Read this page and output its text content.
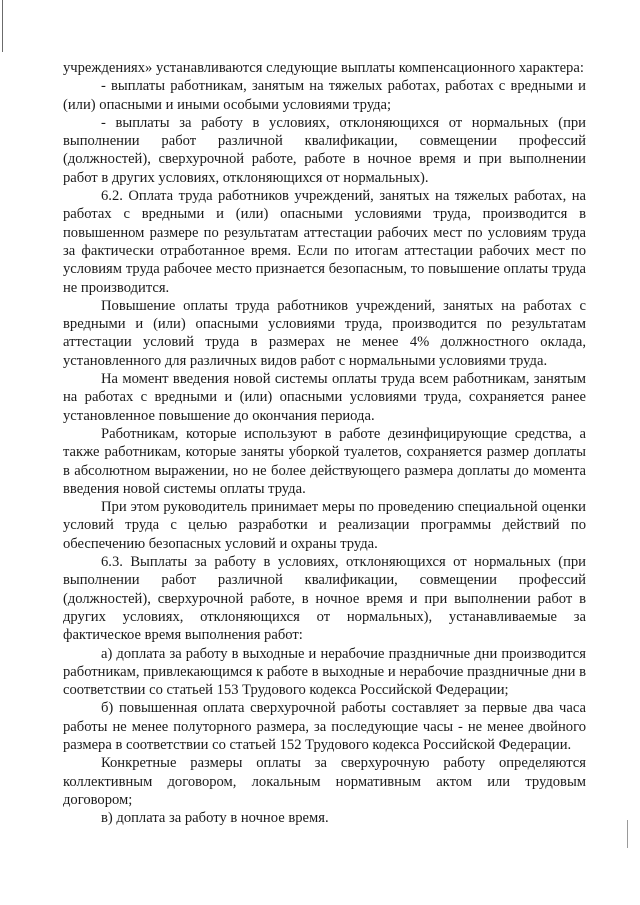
учреждениях» устанавливаются следующие выплаты компенсационного характера:

- выплаты работникам, занятым на тяжелых работах, работах с вредными и (или) опасными и иными особыми условиями труда;

- выплаты за работу в условиях, отклоняющихся от нормальных (при выполнении работ различной квалификации, совмещении профессий (должностей), сверхурочной работе, работе в ночное время и при выполнении работ в других условиях, отклоняющихся от нормальных).

6.2. Оплата труда работников учреждений, занятых на тяжелых работах, на работах с вредными и (или) опасными условиями труда, производится в повышенном размере по результатам аттестации рабочих мест по условиям труда за фактически отработанное время. Если по итогам аттестации рабочих мест по условиям труда рабочее место признается безопасным, то повышение оплаты труда не производится.

Повышение оплаты труда работников учреждений, занятых на работах с вредными и (или) опасными условиями труда, производится по результатам аттестации условий труда в размерах не менее 4% должностного оклада, установленного для различных видов работ с нормальными условиями труда.

На момент введения новой системы оплаты труда всем работникам, занятым на работах с вредными и (или) опасными условиями труда, сохраняется ранее установленное повышение до окончания периода.

Работникам, которые используют в работе дезинфицирующие средства, а также работникам, которые заняты уборкой туалетов, сохраняется размер доплаты в абсолютном выражении, но не более действующего размера доплаты до момента введения новой системы оплаты труда.

При этом руководитель принимает меры по проведению специальной оценки условий труда с целью разработки и реализации программы действий по обеспечению безопасных условий и охраны труда.

6.3. Выплаты за работу в условиях, отклоняющихся от нормальных (при выполнении работ различной квалификации, совмещении профессий (должностей), сверхурочной работе, в ночное время и при выполнении работ в других условиях, отклоняющихся от нормальных), устанавливаемые за фактическое время выполнения работ:

а) доплата за работу в выходные и нерабочие праздничные дни производится работникам, привлекающимся к работе в выходные и нерабочие праздничные дни в соответствии со статьей 153 Трудового кодекса Российской Федерации;

б) повышенная оплата сверхурочной работы составляет за первые два часа работы не менее полуторного размера, за последующие часы - не менее двойного размера в соответствии со статьей 152 Трудового кодекса Российской Федерации.

Конкретные размеры оплаты за сверхурочную работу определяются коллективным договором, локальным нормативным актом или трудовым договором;

в) доплата за работу в ночное время.
